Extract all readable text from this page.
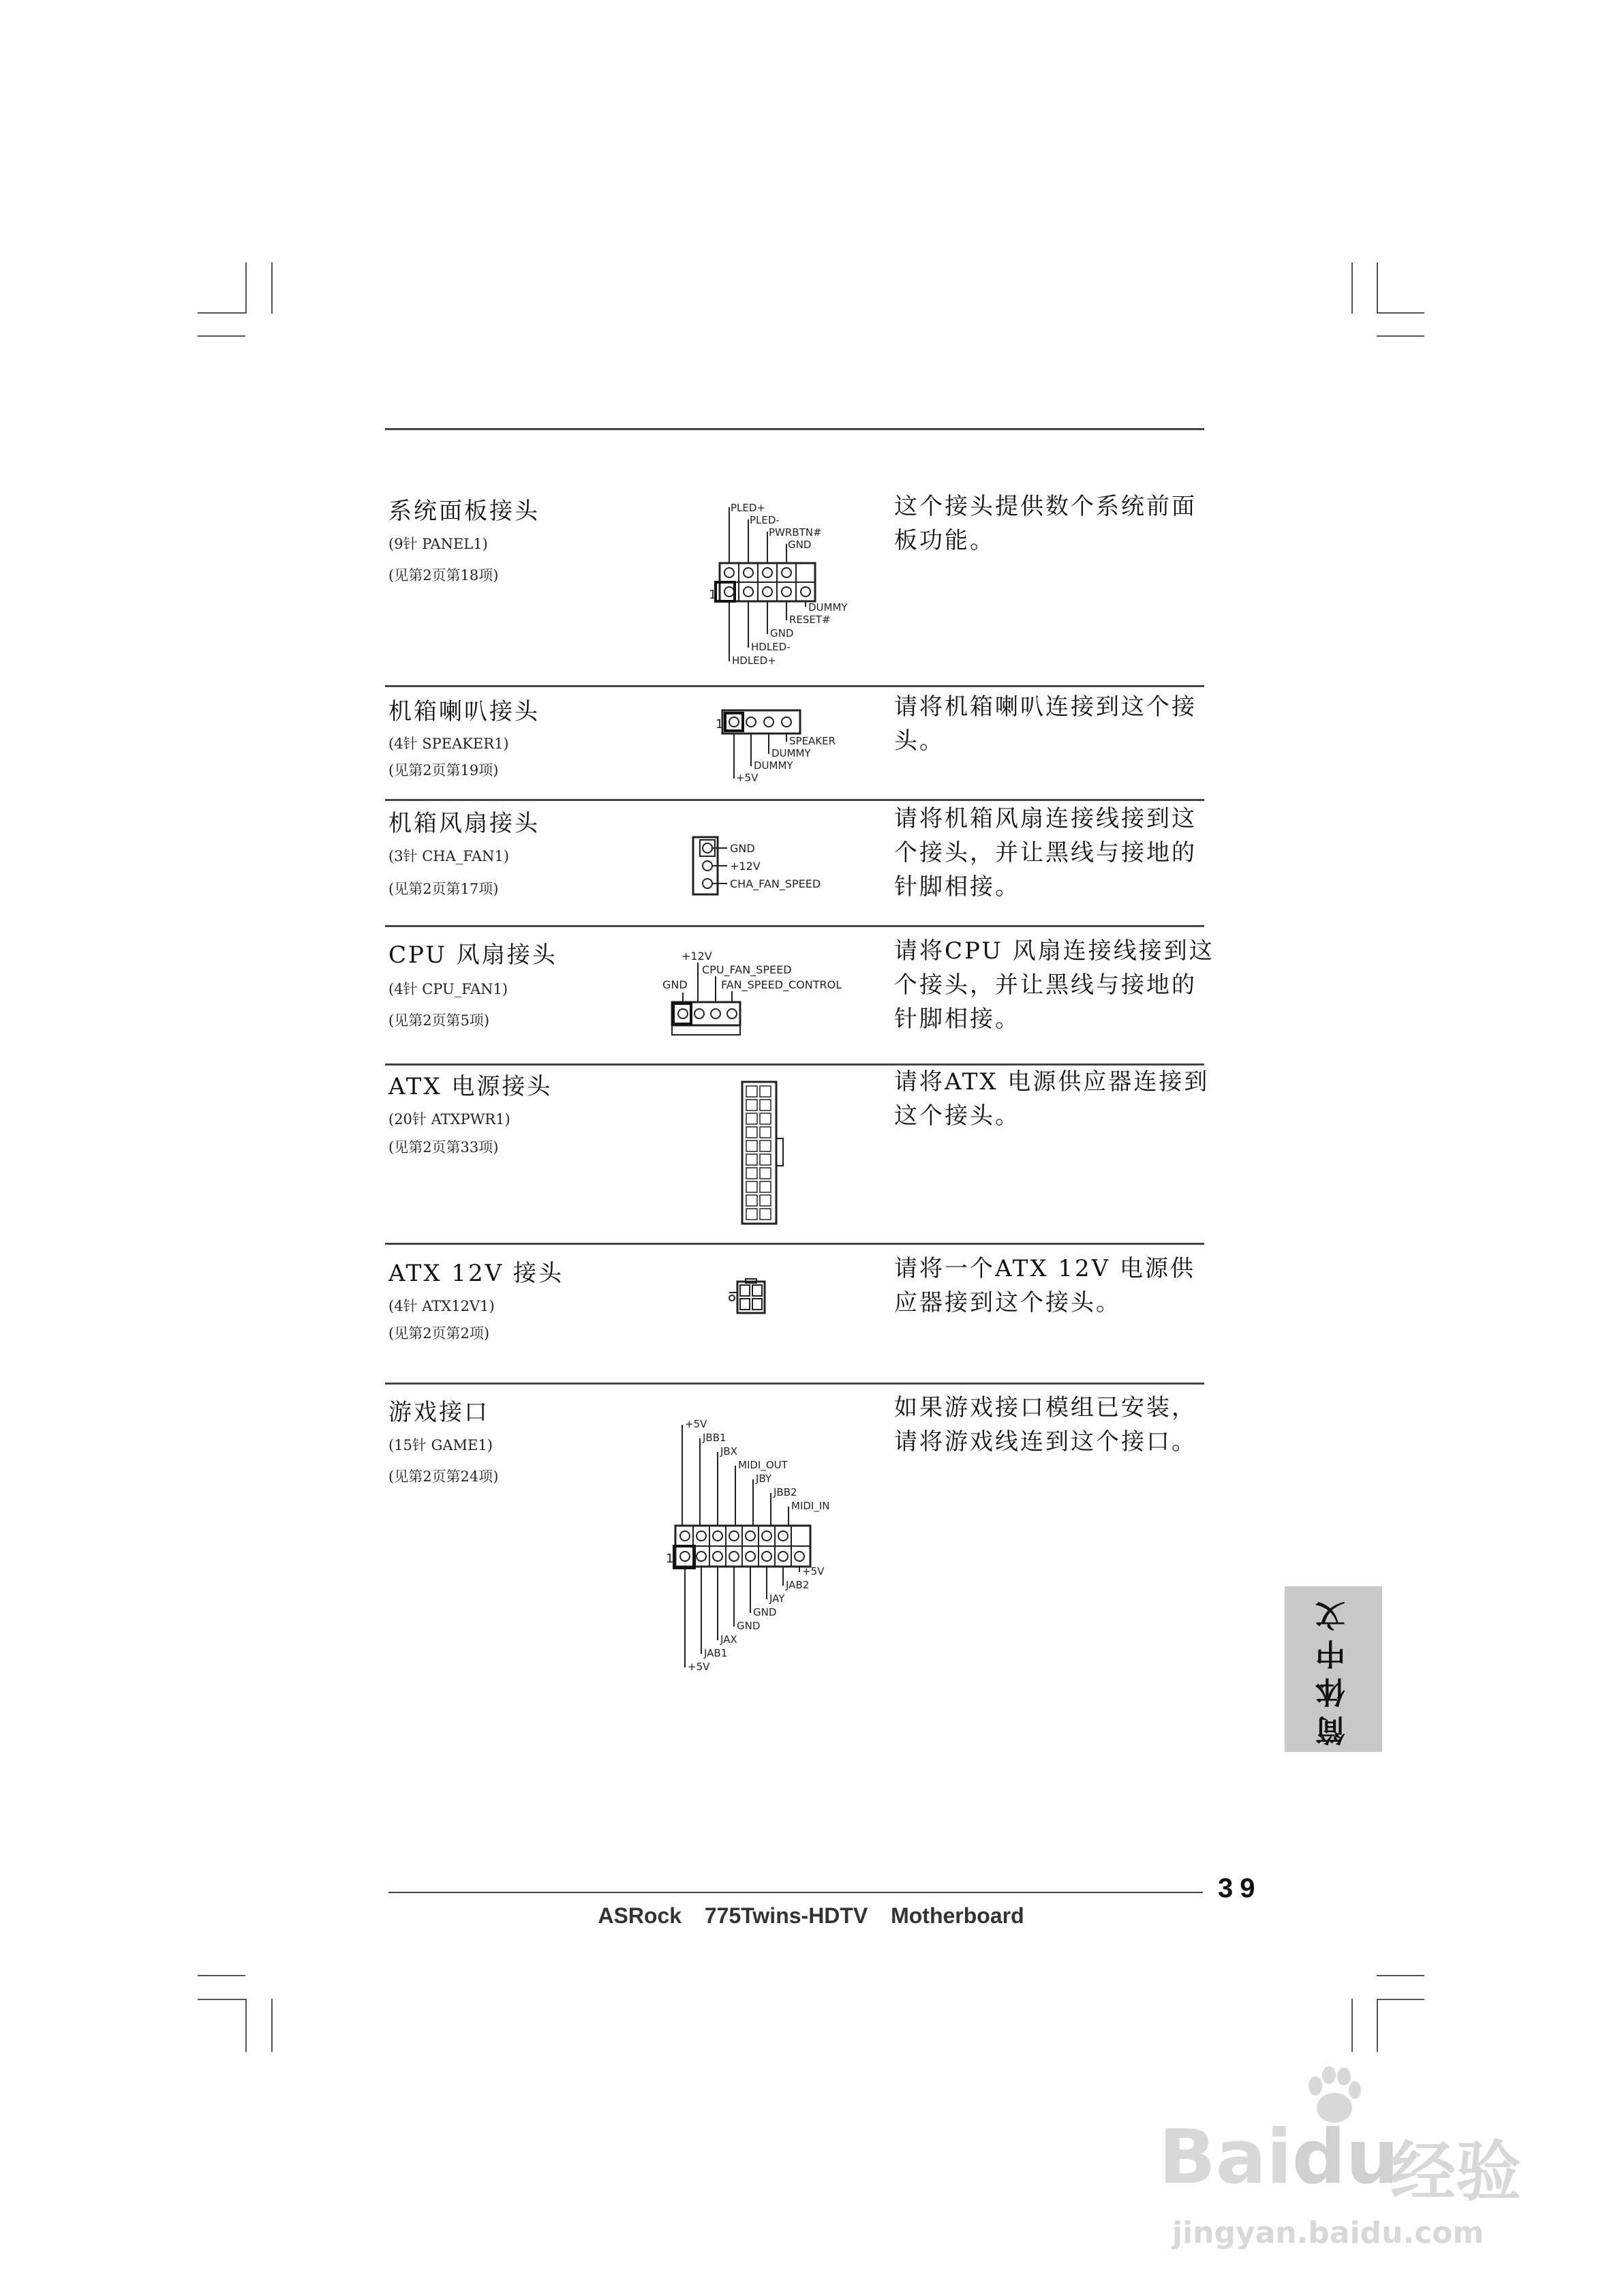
系统面板接头
(9针 PANEL1)
(见第2页第18项)
这个接头提供数个系统前面板功能。
PLED+
PLED-
PWRBTN#
GND
1
DUMMY
RESET#
GND
HDLED-
HDLED+
机箱喇叭接头
(4针 SPEAKER1)
(见第2页第19项)
请将机箱喇叭连接到这个接头。
1
SPEAKER
DUMMY
DUMMY
+5V
机箱风扇接头
(3针 CHA_FAN1)
(见第2页第17项)
请将机箱风扇连接线接到这个接头，并让黑线与接地的针脚相接。
GND
+12V
CHA_FAN_SPEED
CPU 风扇接头
(4针 CPU_FAN1)
(见第2页第5项)
请将CPU 风扇连接线接到这个接头，并让黑线与接地的针脚相接。
+12V
CPU_FAN_SPEED
GND	FAN_SPEED_CONTROL
ATX 电源接头
(20针 ATXPWR1)
(见第2页第33项)
请将ATX 电源供应器连接到这个接头。
ATX 12V 接头
(4针 ATX12V1)
(见第2页第2项)
请将一个ATX 12V 电源供应器接到这个接头。
游戏接口
(15针 GAME1)
(见第2页第24项)
如果游戏接口模组已安装，请将游戏线连到这个接口。
1
+5V
JBB1
JBX
MIDI_OUT
JBY
JBB2
MIDI_IN
+5V
JAB2
JAY
GND
GND
JAX
JAB1
+5V	简体中文
39
ASRock  775Twins-HDTV  Motherboard
Baidu
经验
jingyan.baidu.com
